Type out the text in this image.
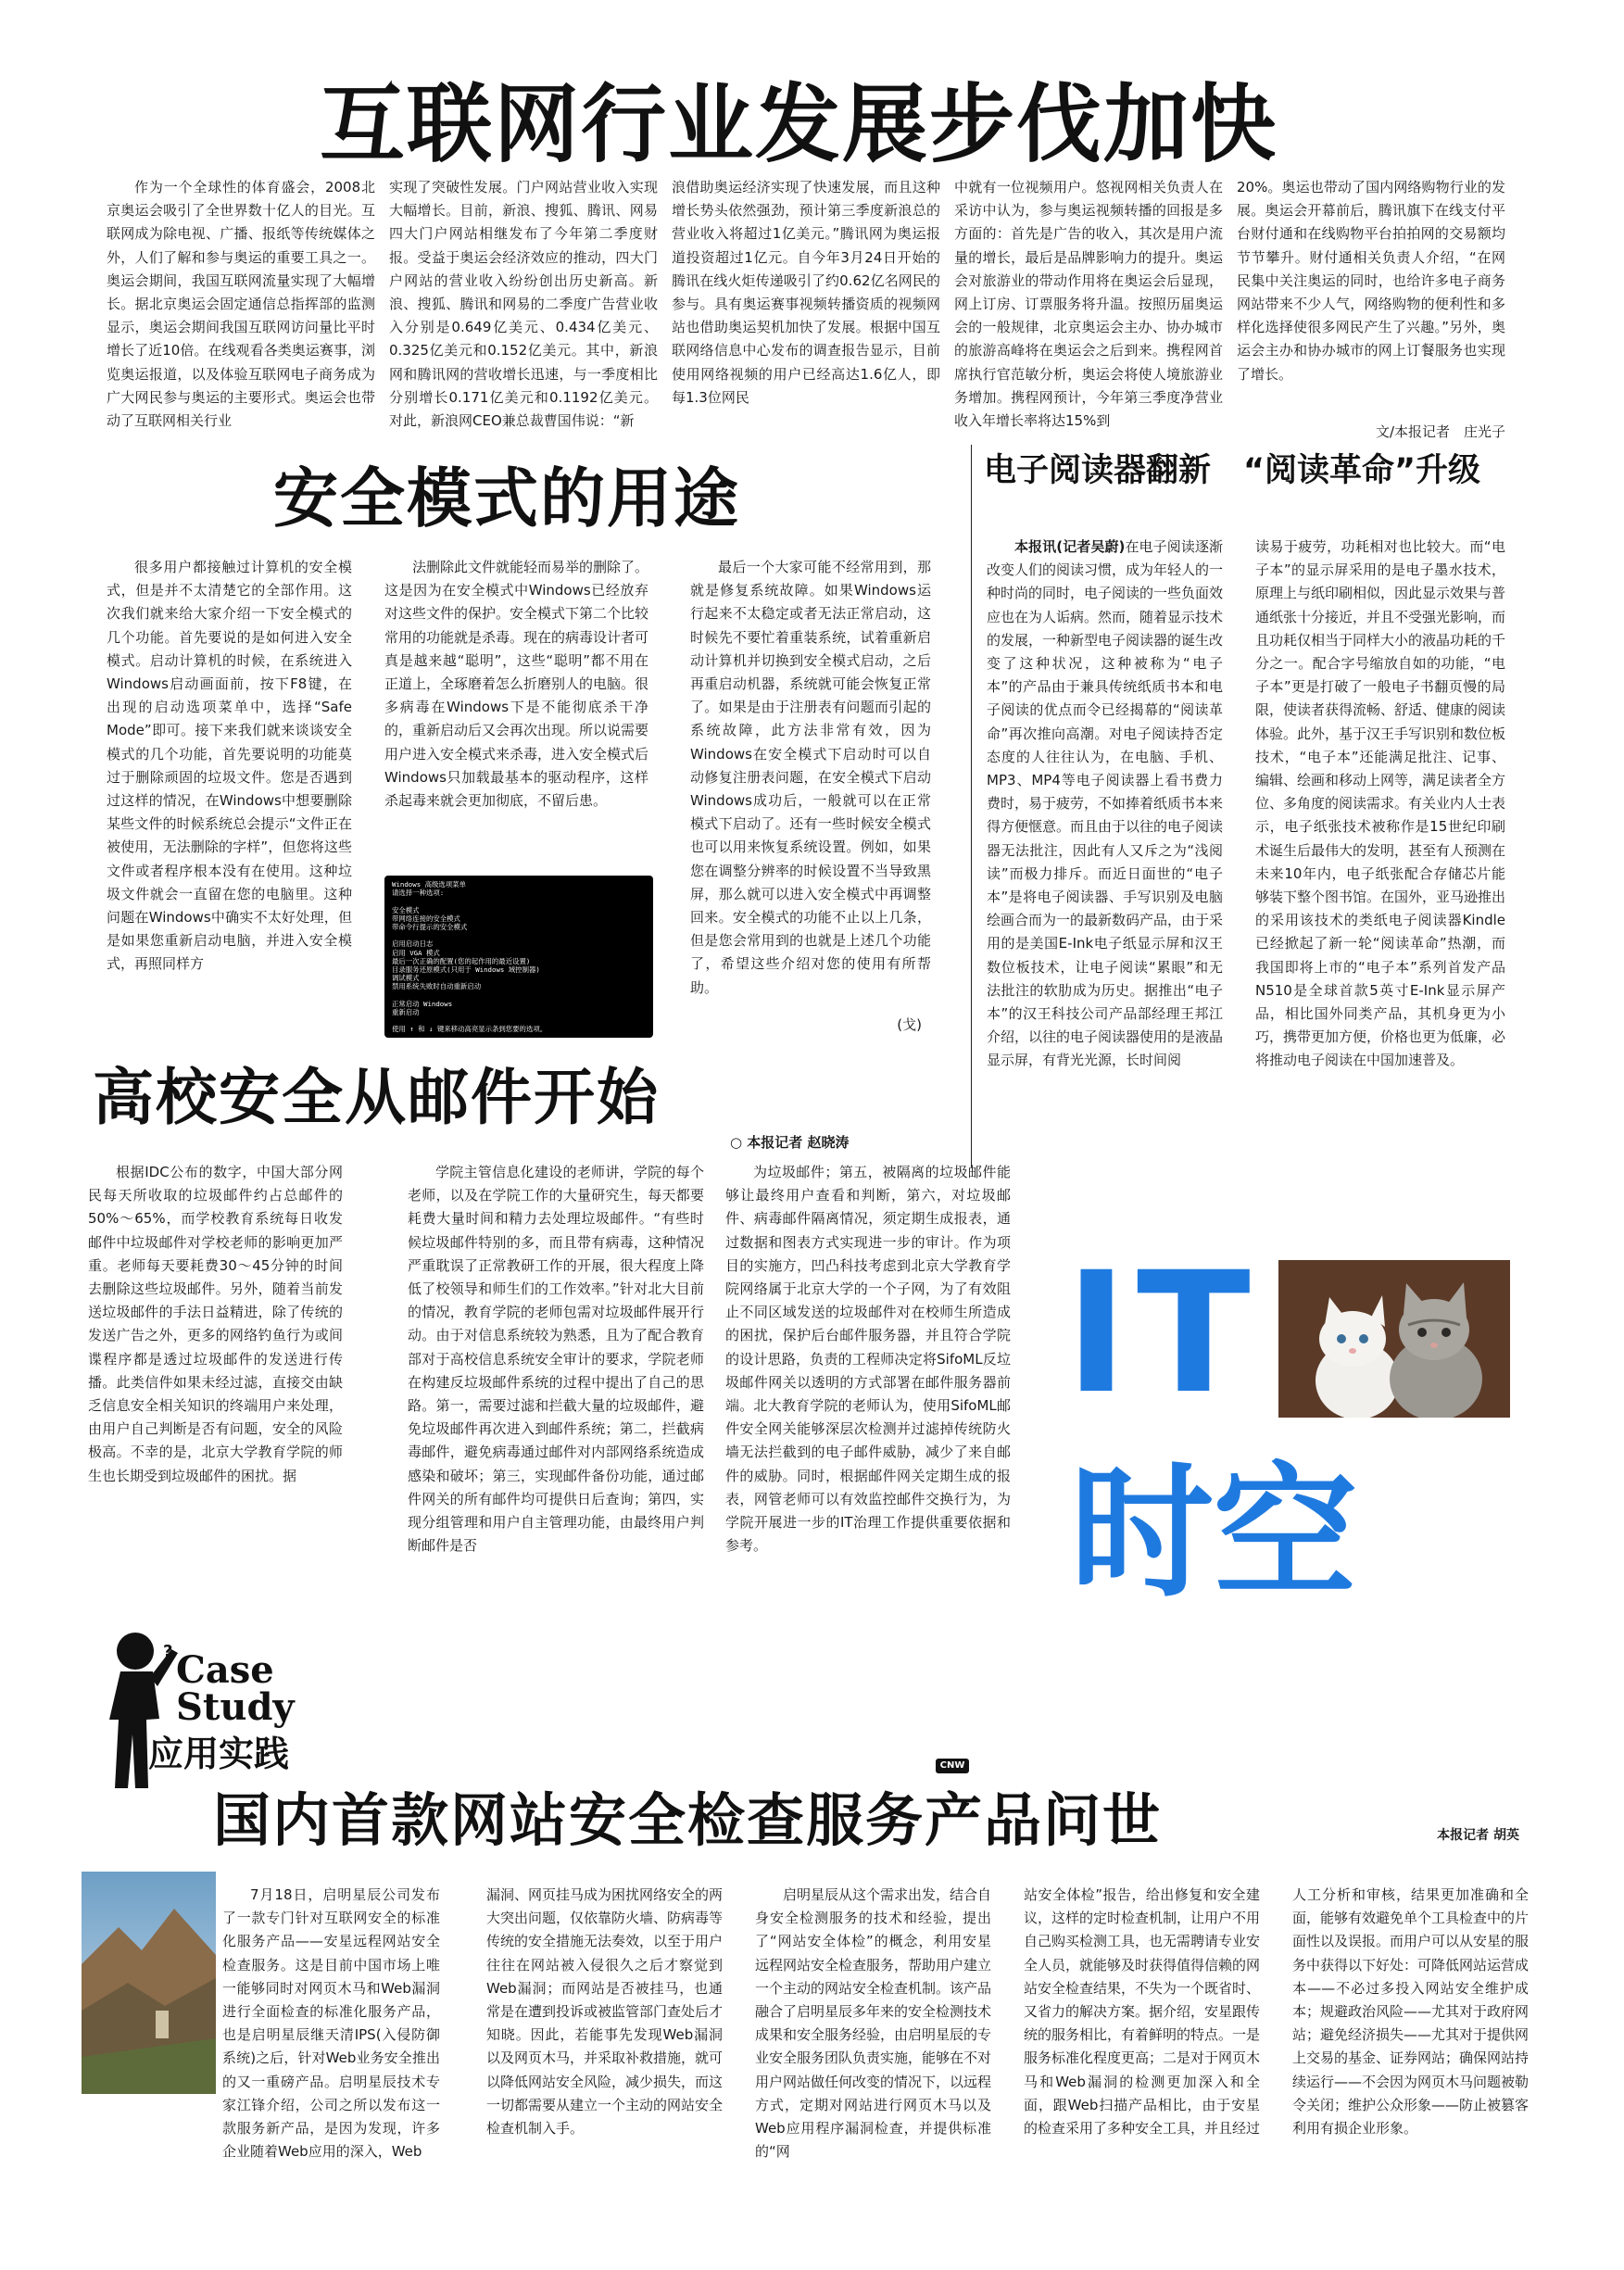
互联网行业发展步伐加快
作为一个全球性的体育盛会，2008北京奥运会吸引了全世界数十亿人的目光。互联网成为除电视、广播、报纸等传统媒体之外，人们了解和参与奥运的重要工具之一。奥运会期间，我国互联网流量实现了大幅增长。据北京奥运会固定通信总指挥部的监测显示，奥运会期间我国互联网访问量比平时增长了近10倍。在线观看各类奥运赛事，浏览奥运报道，以及体验互联网电子商务成为广大网民参与奥运的主要形式。奥运会也带动了互联网相关行业
实现了突破性发展。门户网站营业收入实现大幅增长。目前，新浪、搜狐、腾讯、网易四大门户网站相继发布了今年第二季度财报。受益于奥运会经济效应的推动，四大门户网站的营业收入纷纷创出历史新高。新浪、搜狐、腾讯和网易的二季度广告营业收入分别是0.649亿美元、0.434亿美元、0.325亿美元和0.152亿美元。其中，新浪网和腾讯网的营收增长迅速，与一季度相比分别增长0.171亿美元和0.1192亿美元。对此，新浪网CEO兼总裁曹国伟说：“新
浪借助奥运经济实现了快速发展，而且这种增长势头依然强劲，预计第三季度新浪总的营业收入将超过1亿美元。”腾讯网为奥运报道投资超过1亿元。自今年3月24日开始的腾讯在线火炬传递吸引了约0.62亿名网民的参与。具有奥运赛事视频转播资质的视频网站也借助奥运契机加快了发展。根据中国互联网络信息中心发布的调查报告显示，目前使用网络视频的用户已经高达1.6亿人，即每1.3位网民
中就有一位视频用户。悠视网相关负责人在采访中认为，参与奥运视频转播的回报是多方面的：首先是广告的收入，其次是用户流量的增长，最后是品牌影响力的提升。奥运会对旅游业的带动作用将在奥运会后显现，网上订房、订票服务将升温。按照历届奥运会的一般规律，北京奥运会主办、协办城市的旅游高峰将在奥运会之后到来。携程网首席执行官范敏分析，奥运会将使人境旅游业务增加。携程网预计，今年第三季度净营业收入年增长率将达15%到
20%。奥运也带动了国内网络购物行业的发展。奥运会开幕前后，腾讯旗下在线支付平台财付通和在线购物平台拍拍网的交易额均节节攀升。财付通相关负责人介绍，“在网民集中关注奥运的同时，也给许多电子商务网站带来不少人气，网络购物的便利性和多样化选择使很多网民产生了兴趣。”另外，奥运会主办和协办城市的网上订餐服务也实现了增长。
文/本报记者　庄光子
安全模式的用途
很多用户都接触过计算机的安全模式，但是并不太清楚它的全部作用。这次我们就来给大家介绍一下安全模式的几个功能。首先要说的是如何进入安全模式。启动计算机的时候，在系统进入Windows启动画面前，按下F8键，在出现的启动选项菜单中，选择“Safe Mode”即可。接下来我们就来谈谈安全模式的几个功能，首先要说明的功能莫过于删除顽固的垃圾文件。您是否遇到过这样的情况，在Windows中想要删除某些文件的时候系统总会提示“文件正在被使用，无法删除的字样”，但您将这些文件或者程序根本没有在使用。这种垃圾文件就会一直留在您的电脑里。这种问题在Windows中确实不太好处理，但是如果您重新启动电脑，并进入安全模式，再照同样方
法删除此文件就能轻而易举的删除了。这是因为在安全模式中Windows已经放弃对这些文件的保护。安全模式下第二个比较常用的功能就是杀毒。现在的病毒设计者可真是越来越“聪明”，这些“聪明”都不用在正道上，全琢磨着怎么折磨别人的电脑。很多病毒在Windows下是不能彻底杀干净的，重新启动后又会再次出现。所以说需要用户进入安全模式来杀毒，进入安全模式后Windows只加载最基本的驱动程序，这样杀起毒来就会更加彻底，不留后患。
Windows 高级选项菜单
请选择一种选项:

安全模式
带网络连接的安全模式
带命令行提示的安全模式

启用启动日志
启用 VGA 模式
最后一次正确的配置(您的起作用的最近设置)
目录服务还原模式(只用于 Windows 域控制器)
调试模式
禁用系统失败时自动重新启动

正常启动 Windows
重新启动

使用 ↑ 和 ↓ 键来移动高亮显示条到您要的选项。
最后一个大家可能不经常用到，那就是修复系统故障。如果Windows运行起来不太稳定或者无法正常启动，这时候先不要忙着重装系统，试着重新启动计算机并切换到安全模式启动，之后再重启动机器，系统就可能会恢复正常了。如果是由于注册表有问题而引起的系统故障，此方法非常有效，因为Windows在安全模式下启动时可以自动修复注册表问题，在安全模式下启动Windows成功后，一般就可以在正常模式下启动了。还有一些时候安全模式也可以用来恢复系统设置。例如，如果您在调整分辨率的时候设置不当导致黑屏，那么就可以进入安全模式中再调整回来。安全模式的功能不止以上几条，但是您会常用到的也就是上述几个功能了，希望这些介绍对您的使用有所帮助。
(戈)
电子阅读器翻新　“阅读革命”升级
本报讯(记者吴蔚)在电子阅读逐渐改变人们的阅读习惯，成为年轻人的一种时尚的同时，电子阅读的一些负面效应也在为人诟病。然而，随着显示技术的发展，一种新型电子阅读器的诞生改变了这种状况，这种被称为“电子本”的产品由于兼具传统纸质书本和电子阅读的优点而令已经揭幕的“阅读革命”再次推向高潮。对电子阅读持否定态度的人往往认为，在电脑、手机、MP3、MP4等电子阅读器上看书费力费时，易于疲劳，不如捧着纸质书本来得方便惬意。而且由于以往的电子阅读器无法批注，因此有人又斥之为“浅阅读”而极力排斥。而近日面世的“电子本”是将电子阅读器、手写识别及电脑绘画合而为一的最新数码产品，由于采用的是美国E-Ink电子纸显示屏和汉王数位板技术，让电子阅读“累眼”和无法批注的软肋成为历史。据推出“电子本”的汉王科技公司产品部经理王邦江介绍，以往的电子阅读器使用的是液晶显示屏，有背光光源，长时间阅
读易于疲劳，功耗相对也比较大。而“电子本”的显示屏采用的是电子墨水技术，原理上与纸印刷相似，因此显示效果与普通纸张十分接近，并且不受强光影响，而且功耗仅相当于同样大小的液晶功耗的千分之一。配合字号缩放自如的功能，“电子本”更是打破了一般电子书翻页慢的局限，使读者获得流畅、舒适、健康的阅读体验。此外，基于汉王手写识别和数位板技术，“电子本”还能满足批注、记事、编辑、绘画和移动上网等，满足读者全方位、多角度的阅读需求。有关业内人士表示，电子纸张技术被称作是15世纪印刷术诞生后最伟大的发明，甚至有人预测在未来10年内，电子纸张配合存储芯片能够装下整个图书馆。在国外，亚马逊推出的采用该技术的类纸电子阅读器Kindle已经掀起了新一轮“阅读革命”热潮，而我国即将上市的“电子本”系列首发产品N510是全球首款5英寸E-Ink显示屏产品，相比国外同类产品，其机身更为小巧，携带更加方便，价格也更为低廉，必将推动电子阅读在中国加速普及。
高校安全从邮件开始
○ 本报记者 赵晓涛
根据IDC公布的数字，中国大部分网民每天所收取的垃圾邮件约占总邮件的50%～65%，而学校教育系统每日收发邮件中垃圾邮件对学校老师的影响更加严重。老师每天要耗费30～45分钟的时间去删除这些垃圾邮件。另外，随着当前发送垃圾邮件的手法日益精进，除了传统的发送广告之外，更多的网络钓鱼行为或间谍程序都是透过垃圾邮件的发送进行传播。此类信件如果未经过滤，直接交由缺乏信息安全相关知识的终端用户来处理，由用户自己判断是否有问题，安全的风险极高。不幸的是，北京大学教育学院的师生也长期受到垃圾邮件的困扰。据
学院主管信息化建设的老师讲，学院的每个老师，以及在学院工作的大量研究生，每天都要耗费大量时间和精力去处理垃圾邮件。“有些时候垃圾邮件特别的多，而且带有病毒，这种情况严重耽误了正常教研工作的开展，很大程度上降低了校领导和师生们的工作效率。”针对北大目前的情况，教育学院的老师包需对垃圾邮件展开行动。由于对信息系统较为熟悉，且为了配合教育部对于高校信息系统安全审计的要求，学院老师在构建反垃圾邮件系统的过程中提出了自己的思路。第一，需要过滤和拦截大量的垃圾邮件，避免垃圾邮件再次进入到邮件系统；第二，拦截病毒邮件，避免病毒通过邮件对内部网络系统造成感染和破坏；第三，实现邮件备份功能，通过邮件网关的所有邮件均可提供日后查询；第四，实现分组管理和用户自主管理功能，由最终用户判断邮件是否
为垃圾邮件；第五，被隔离的垃圾邮件能够让最终用户查看和判断，第六，对垃圾邮件、病毒邮件隔离情况，须定期生成报表，通过数据和图表方式实现进一步的审计。作为项目的实施方，凹凸科技考虑到北京大学教育学院网络属于北京大学的一个子网，为了有效阻止不同区域发送的垃圾邮件对在校师生所造成的困扰，保护后台邮件服务器，并且符合学院的设计思路，负责的工程师决定将SifoML反垃圾邮件网关以透明的方式部署在邮件服务器前端。北大教育学院的老师认为，使用SifoML邮件安全网关能够深层次检测并过滤掉传统防火墙无法拦截到的电子邮件威胁，减少了来自邮件的威胁。同时，根据邮件网关定期生成的报表，网管老师可以有效监控邮件交换行为，为学院开展进一步的IT治理工作提供重要依据和参考。
CNW
? Case
Study
应用实践
IT
时空
国内首款网站安全检查服务产品问世	本报记者 胡英
7月18日，启明星辰公司发布了一款专门针对互联网安全的标准化服务产品——安星远程网站安全检查服务。这是目前中国市场上唯一能够同时对网页木马和Web漏洞进行全面检查的标准化服务产品，也是启明星辰继天清IPS(入侵防御系统)之后，针对Web业务安全推出的又一重磅产品。启明星辰技术专家江锋介绍，公司之所以发布这一款服务新产品，是因为发现，许多企业随着Web应用的深入，Web
漏洞、网页挂马成为困扰网络安全的两大突出问题，仅依靠防火墙、防病毒等传统的安全措施无法奏效，以至于用户往往在网站被入侵很久之后才察觉到Web漏洞；而网站是否被挂马，也通常是在遭到投诉或被监管部门查处后才知晓。因此，若能事先发现Web漏洞以及网页木马，并采取补救措施，就可以降低网站安全风险，减少损失，而这一切都需要从建立一个主动的网站安全检查机制入手。
启明星辰从这个需求出发，结合自身安全检测服务的技术和经验，提出了“网站安全体检”的概念，利用安星远程网站安全检查服务，帮助用户建立一个主动的网站安全检查机制。该产品融合了启明星辰多年来的安全检测技术成果和安全服务经验，由启明星辰的专业安全服务团队负责实施，能够在不对用户网站做任何改变的情况下，以远程方式，定期对网站进行网页木马以及Web应用程序漏洞检查，并提供标准的“网
站安全体检”报告，给出修复和安全建议，这样的定时检查机制，让用户不用自己购买检测工具，也无需聘请专业安全人员，就能够及时获得值得信赖的网站安全检查结果，不失为一个既省时、又省力的解决方案。据介绍，安星跟传统的服务相比，有着鲜明的特点。一是服务标准化程度更高；二是对于网页木马和Web漏洞的检测更加深入和全面，跟Web扫描产品相比，由于安星的检查采用了多种安全工具，并且经过
人工分析和审核，结果更加准确和全面，能够有效避免单个工具检查中的片面性以及误报。而用户可以从安星的服务中获得以下好处：可降低网站运营成本——不必过多投入网站安全维护成本；规避政治风险——尤其对于政府网站；避免经济损失——尤其对于提供网上交易的基金、证券网站；确保网站持续运行——不会因为网页木马问题被勒令关闭；维护公众形象——防止被篡客利用有损企业形象。
